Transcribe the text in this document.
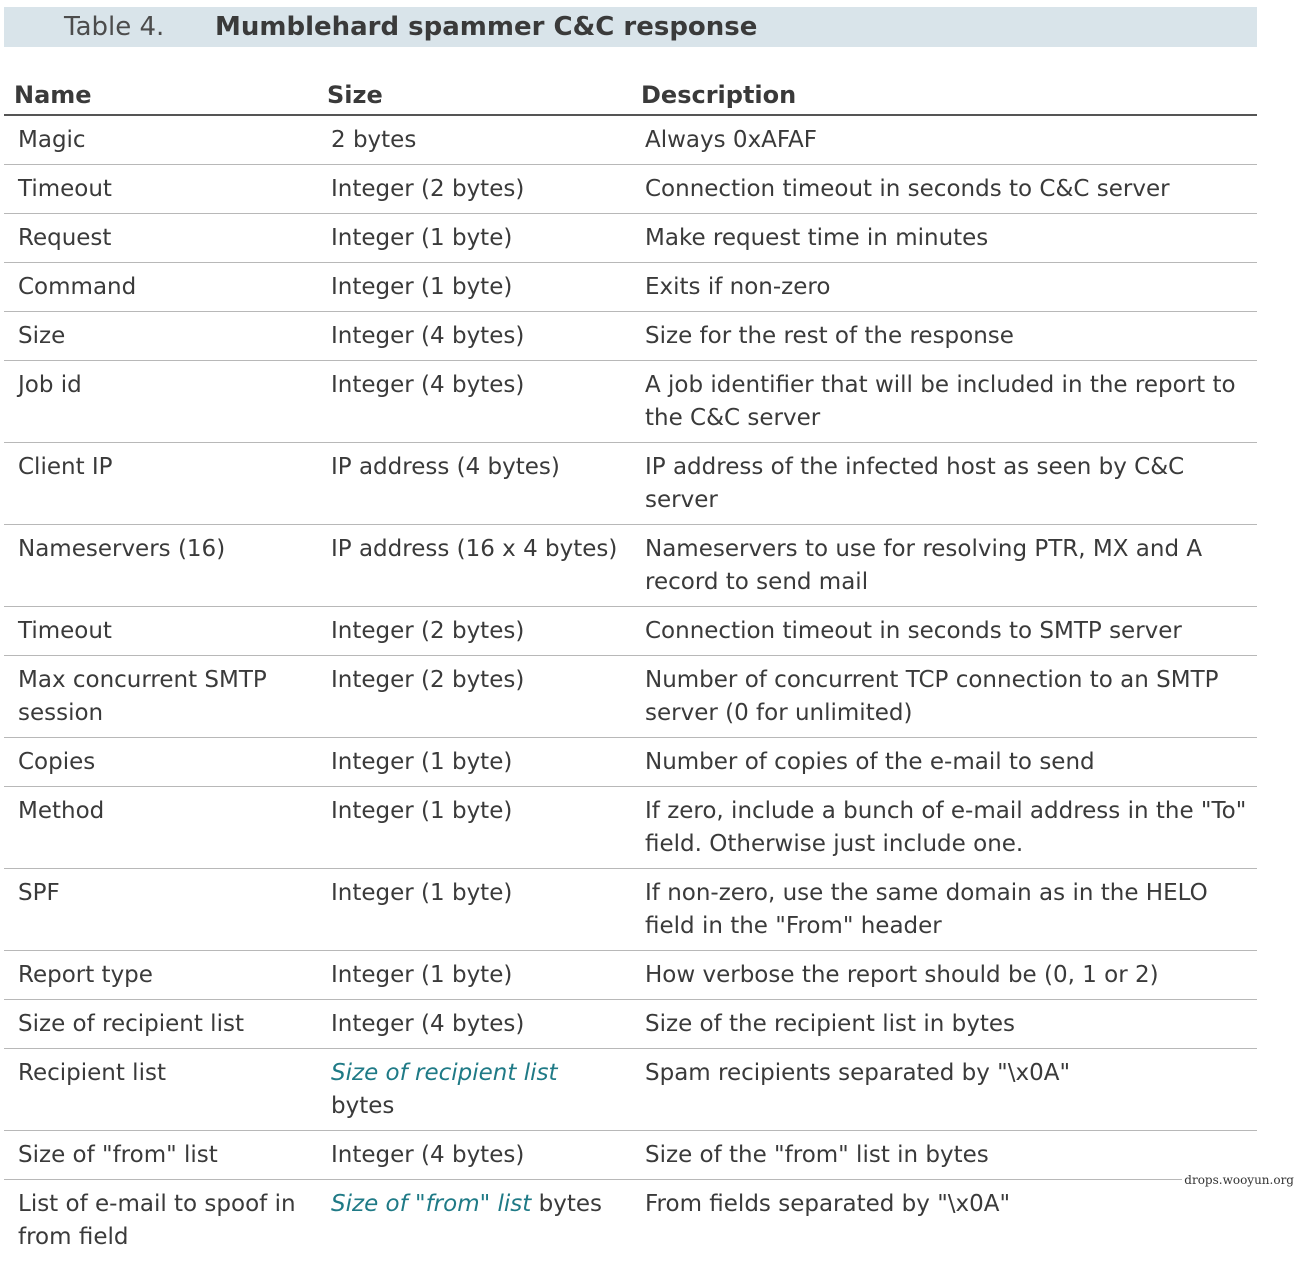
Table 4. Mumblehard spammer C&C response
Name	Size	Description
Magic	2 bytes	Always 0xAFAF
Timeout	Integer (2 bytes)	Connection timeout in seconds to C&C server
Request	Integer (1 byte)	Make request time in minutes
Command	Integer (1 byte)	Exits if non-zero
Size	Integer (4 bytes)	Size for the rest of the response
Job id	Integer (4 bytes)	A job identifier that will be included in the report to the C&C server
Client IP	IP address (4 bytes)	IP address of the infected host as seen by C&C server
Nameservers (16)	IP address (16 x 4 bytes)	Nameservers to use for resolving PTR, MX and A record to send mail
Timeout	Integer (2 bytes)	Connection timeout in seconds to SMTP server
Max concurrent SMTP session	Integer (2 bytes)	Number of concurrent TCP connection to an SMTP server (0 for unlimited)
Copies	Integer (1 byte)	Number of copies of the e-mail to send
Method	Integer (1 byte)	If zero, include a bunch of e-mail address in the "To" field. Otherwise just include one.
SPF	Integer (1 byte)	If non-zero, use the same domain as in the HELO field in the "From" header
Report type	Integer (1 byte)	How verbose the report should be (0, 1 or 2)
Size of recipient list	Integer (4 bytes)	Size of the recipient list in bytes
Recipient list	Size of recipient list bytes	Spam recipients separated by "\x0A"
Size of "from" list	Integer (4 bytes)	Size of the "from" list in bytes
List of e-mail to spoof in from field	Size of "from" list bytes	From fields separated by "\x0A"
drops.wooyun.org
